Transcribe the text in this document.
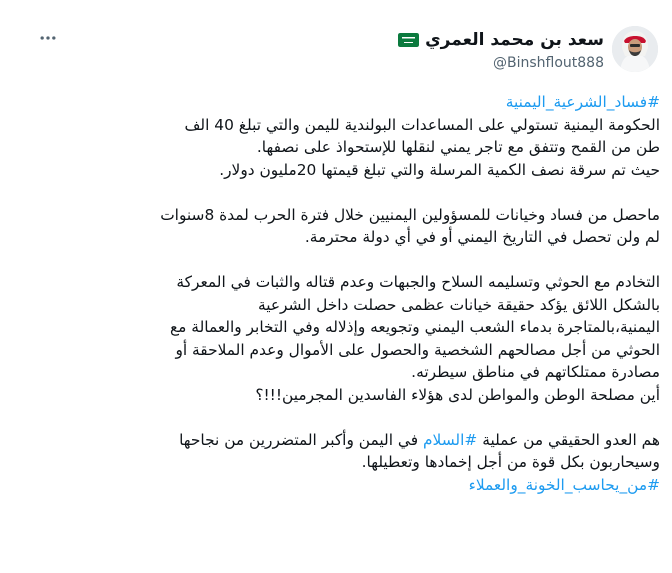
سعد بن محمد العمري
@Binshflout888
#فساد_الشرعية_اليمنية
الحكومة اليمنية تستولي على المساعدات البولندية لليمن والتي تبلغ 40 الف
طن من القمح وتتفق مع تاجر يمني لنقلها للإستحواذ على نصفها.
حيث تم سرقة نصف الكمية المرسلة والتي تبلغ قيمتها 20مليون دولار.
ماحصل من فساد وخيانات للمسؤولين اليمنيين خلال فترة الحرب لمدة 8سنوات
لم ولن تحصل في التاريخ اليمني أو في أي دولة محترمة.
التخادم مع الحوثي وتسليمه السلاح والجبهات وعدم قتاله والثبات في المعركة
بالشكل اللائق يؤكد حقيقة خيانات عظمى حصلت داخل الشرعية
اليمنية،بالمتاجرة بدماء الشعب اليمني وتجويعه وإذلاله وفي التخابر والعمالة مع
الحوثي من أجل مصالحهم الشخصية والحصول على الأموال وعدم الملاحقة أو
مصادرة ممتلكاتهم في مناطق سيطرته.
أين مصلحة الوطن والمواطن لدى هؤلاء الفاسدين المجرمين!!!؟
هم العدو الحقيقي من عملية #السلام في اليمن وأكبر المتضررين من نجاحها
وسيحاربون بكل قوة من أجل إخمادها وتعطيلها.
#من_يحاسب_الخونة_والعملاء
